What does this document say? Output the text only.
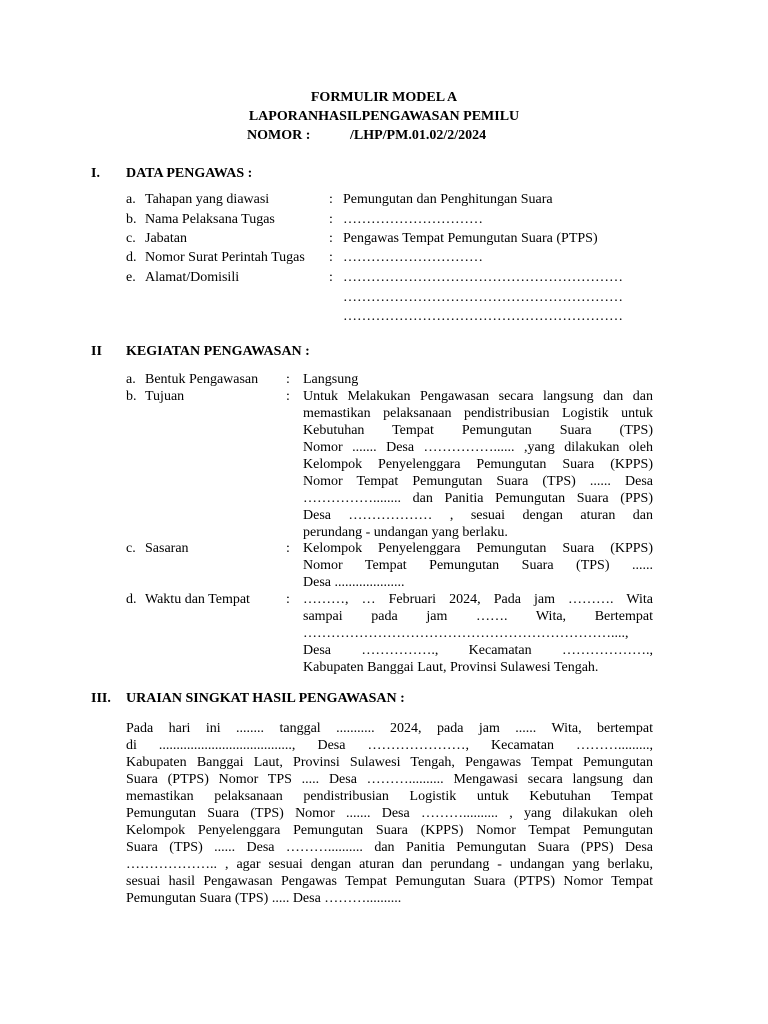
FORMULIR MODEL A
LAPORANHASILPENGAWASAN PEMILU
NOMOR :	/LHP/PM.01.02/2/2024
I. DATA PENGAWAS :
a. Tahapan yang diawasi	: Pemungutan dan Penghitungan Suara
b. Nama Pelaksana Tugas	: …………………………
c. Jabatan	: Pengawas Tempat Pemungutan Suara (PTPS)
d. Nomor Surat Perintah Tugas : …………………………
e. Alamat/Domisili	: ……………………………………………………
……………………………………………………
……………………………………………………
II KEGIATAN PENGAWASAN :
a. Bentuk Pengawasan : Langsung
b. Tujuan	: Untuk Melakukan Pengawasan secara langsung dan dan
memastikan pelaksanaan pendistribusian Logistik untuk
Kebutuhan Tempat Pemungutan Suara (TPS)
Nomor ....... Desa ……………...... ,yang dilakukan oleh
Kelompok Penyelenggara Pemungutan Suara (KPPS)
Nomor Tempat Pemungutan Suara (TPS) ...... Desa
……………........ dan Panitia Pemungutan Suara (PPS)
Desa ……………… , sesuai dengan aturan dan
perundang - undangan yang berlaku.
c. Sasaran	: Kelompok Penyelenggara Pemungutan Suara (KPPS)
Nomor Tempat Pemungutan Suara (TPS) ......
Desa ....................
d. Waktu dan Tempat	: ………, … Februari 2024, Pada jam ………. Wita
sampai pada jam ……. Wita, Bertempat
…………………………………………………………....,
Desa ……………., Kecamatan ……………….,
Kabupaten Banggai Laut, Provinsi Sulawesi Tengah.
III. URAIAN SINGKAT HASIL PENGAWASAN :
Pada hari ini ........ tanggal ........... 2024, pada jam ...... Wita, bertempat
di ......................................, Desa …………………, Kecamatan ……….........,
Kabupaten Banggai Laut, Provinsi Sulawesi Tengah, Pengawas Tempat Pemungutan
Suara (PTPS) Nomor TPS ..... Desa ……….......... Mengawasi secara langsung dan
memastikan pelaksanaan pendistribusian Logistik untuk Kebutuhan Tempat
Pemungutan Suara (TPS) Nomor ....... Desa ……….......... , yang dilakukan oleh
Kelompok Penyelenggara Pemungutan Suara (KPPS) Nomor Tempat Pemungutan
Suara (TPS) ...... Desa ……….......... dan Panitia Pemungutan Suara (PPS) Desa
……………….. , agar sesuai dengan aturan dan perundang - undangan yang berlaku,
sesuai hasil Pengawasan Pengawas Tempat Pemungutan Suara (PTPS) Nomor Tempat
Pemungutan Suara (TPS) ..... Desa ………..........
